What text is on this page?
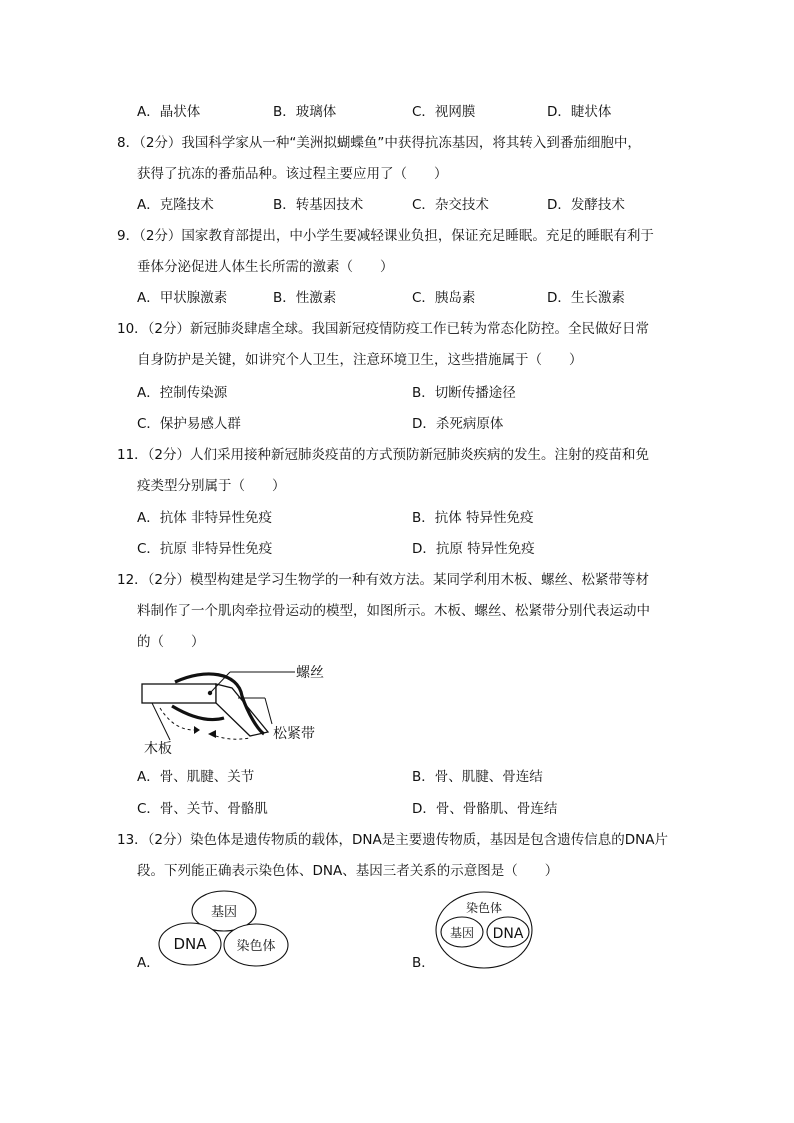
A．晶状体	B．玻璃体	C．视网膜	D．睫状体
8．（2分）我国科学家从一种“美洲拟蝴蝶鱼”中获得抗冻基因，将其转入到番茄细胞中，
获得了抗冻的番茄品种。该过程主要应用了（　　）
A．克隆技术	B．转基因技术	C．杂交技术	D．发酵技术
9．（2分）国家教育部提出，中小学生要减轻课业负担，保证充足睡眠。充足的睡眠有利于
垂体分泌促进人体生长所需的激素（　　）
A．甲状腺激素	B．性激素	C．胰岛素	D．生长激素
10．（2分）新冠肺炎肆虐全球。我国新冠疫情防疫工作已转为常态化防控。全民做好日常
自身防护是关键，如讲究个人卫生，注意环境卫生，这些措施属于（　　）
A．控制传染源	B．切断传播途径
C．保护易感人群	D．杀死病原体
11．（2分）人们采用接种新冠肺炎疫苗的方式预防新冠肺炎疾病的发生。注射的疫苗和免
疫类型分别属于（　　）
A．抗体 非特异性免疫	B．抗体 特异性免疫
C．抗原 非特异性免疫	D．抗原 特异性免疫
12．（2分）模型构建是学习生物学的一种有效方法。某同学利用木板、螺丝、松紧带等材
料制作了一个肌肉牵拉骨运动的模型，如图所示。木板、螺丝、松紧带分别代表运动中
的（　　）
螺丝
松紧带
木板
A．骨、肌腱、关节	B．骨、肌腱、骨连结
C．骨、关节、骨骼肌	D．骨、骨骼肌、骨连结
13．（2分）染色体是遗传物质的载体，DNA是主要遗传物质，基因是包含遗传信息的DNA片
段。下列能正确表示染色体、DNA、基因三者关系的示意图是（　　）
A．
基因
DNA 染色体
B．
染色体
基因 DNA
